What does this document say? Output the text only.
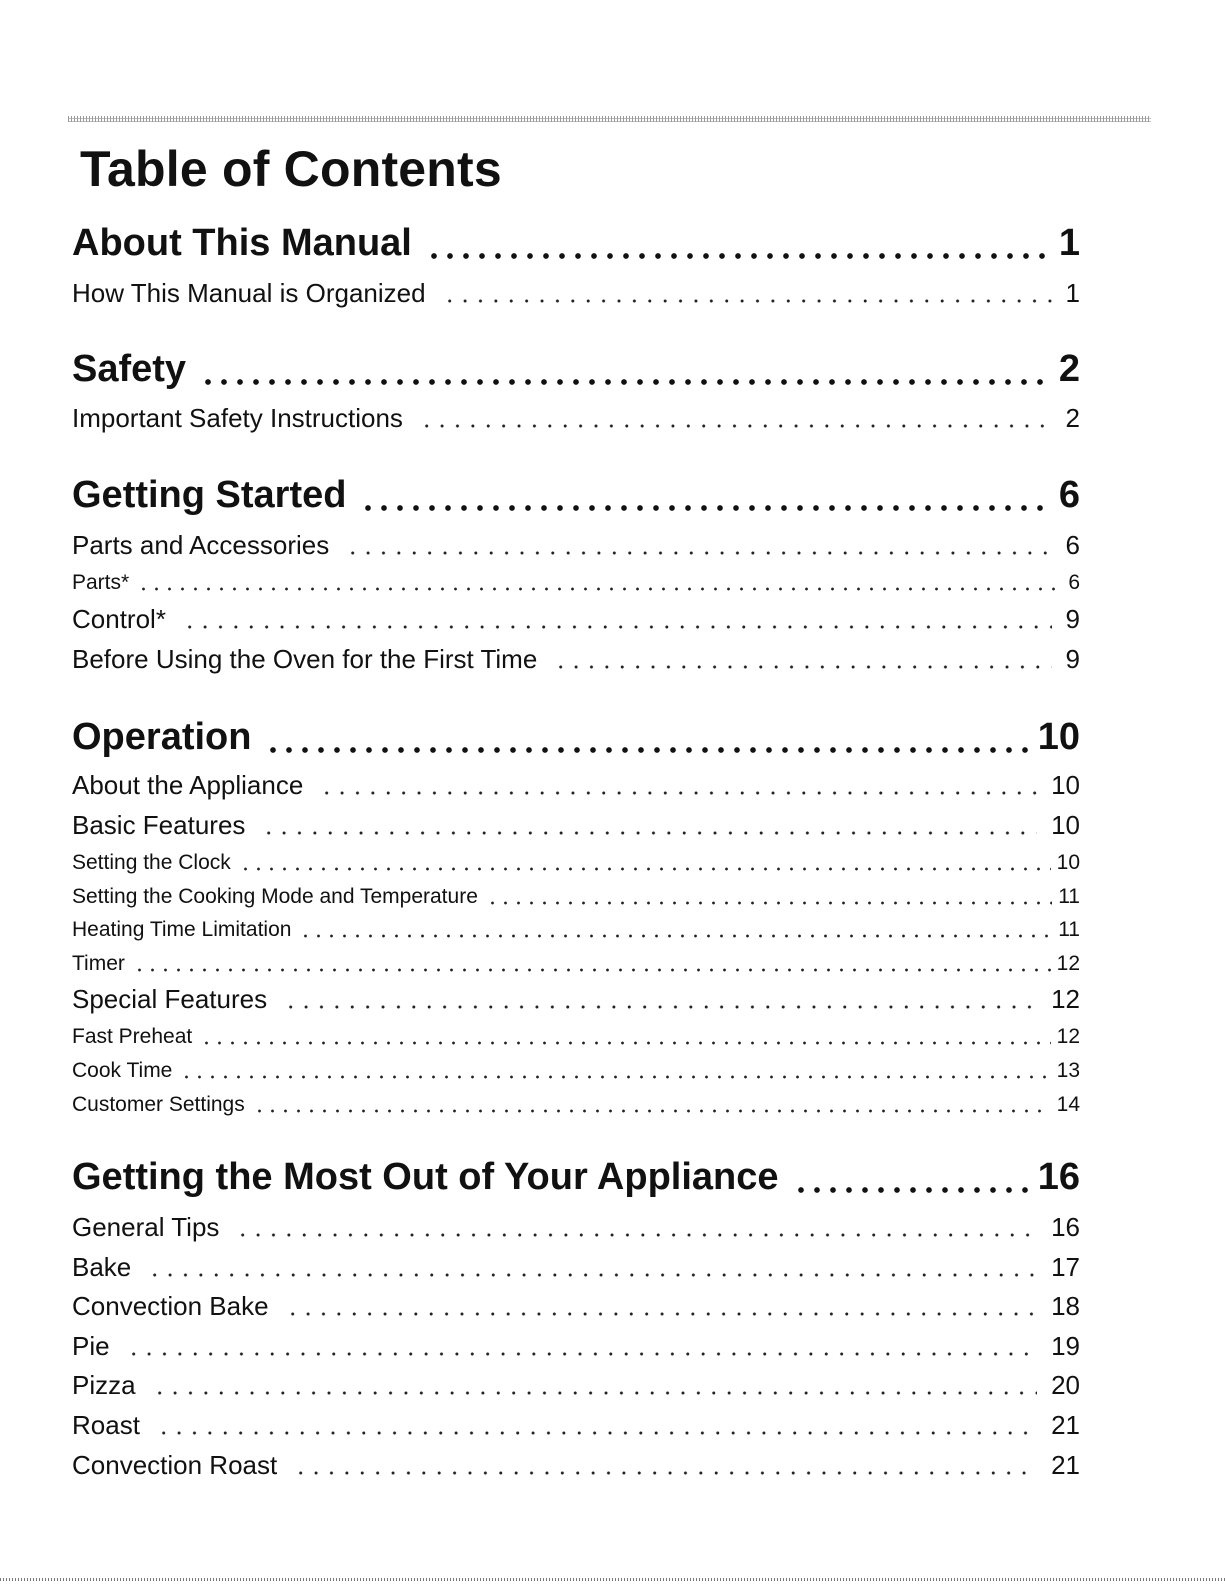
Table of Contents
About This Manual	1
How This Manual is Organized	1
Safety	2
Important Safety Instructions	2
Getting Started	6
Parts and Accessories	6
Parts*	6
Control*	9
Before Using the Oven for the First Time	9
Operation	10
About the Appliance	10
Basic Features	10
Setting the Clock	10
Setting the Cooking Mode and Temperature	11
Heating Time Limitation	11
Timer	12
Special Features	12
Fast Preheat	12
Cook Time	13
Customer Settings	14
Getting the Most Out of Your Appliance	16
General Tips	16
Bake	17
Convection Bake	18
Pie	19
Pizza	20
Roast	21
Convection Roast	21
